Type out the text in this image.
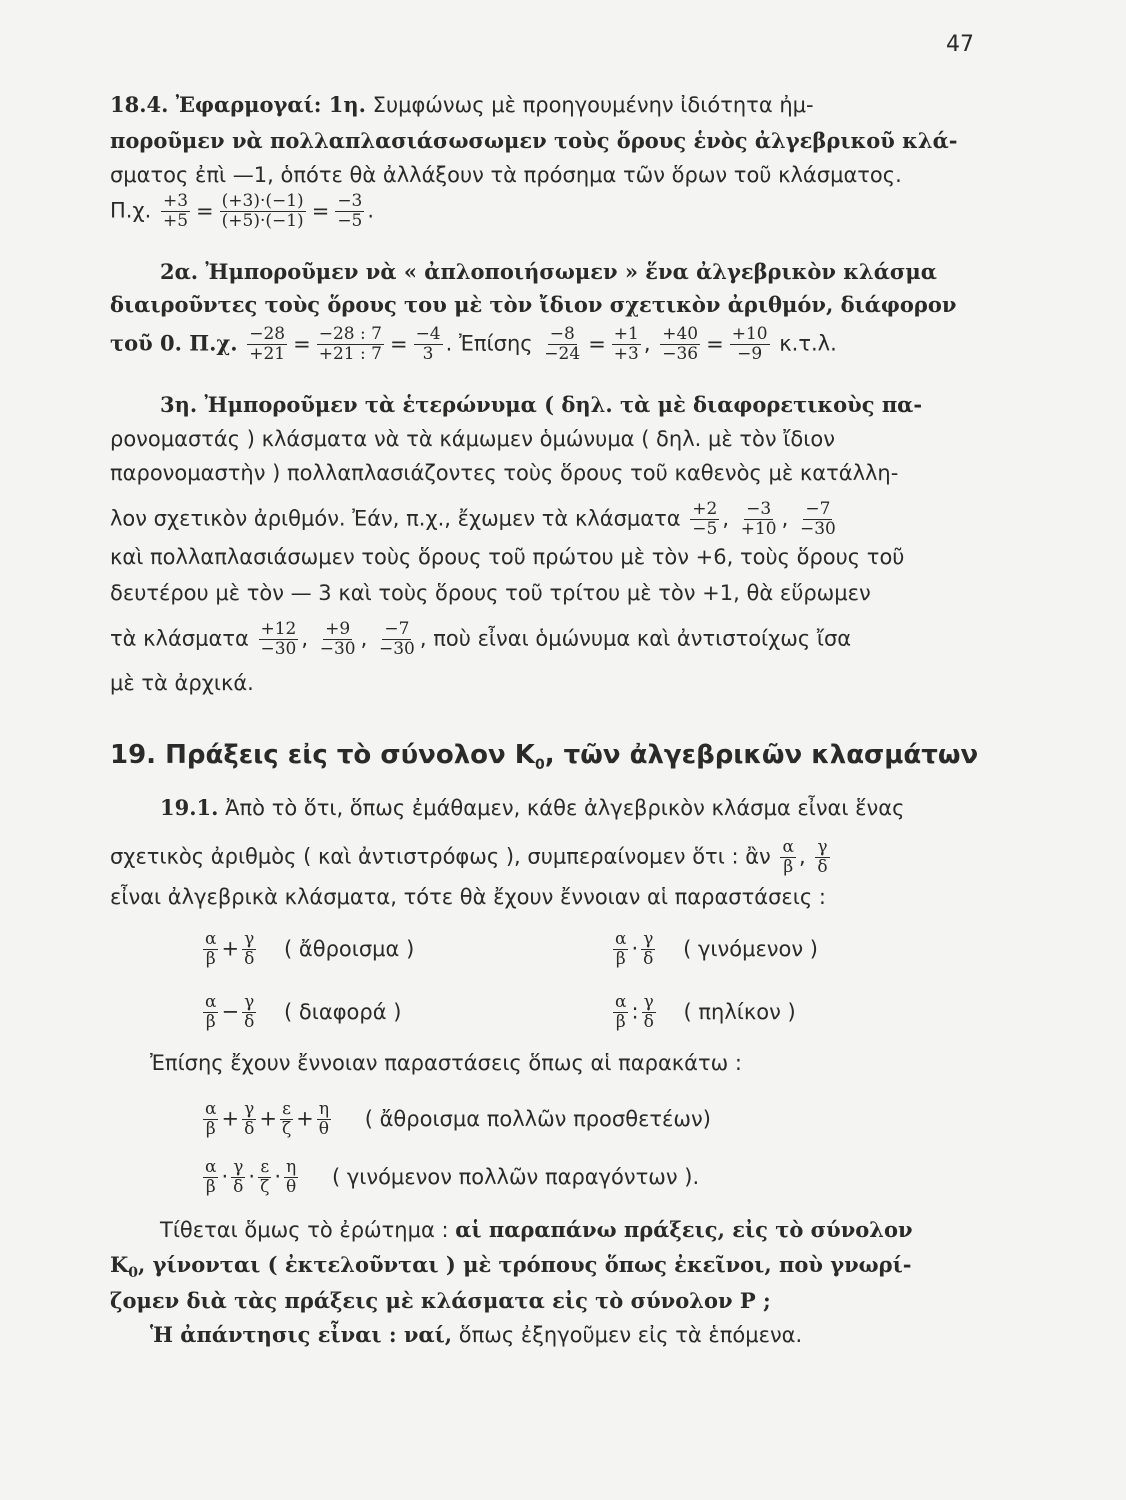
47
18.4. Ἐφαρμογαί: 1η. Συμφώνως μὲ προηγουμένην ἰδιότητα ἠμ-
ποροῦμεν νὰ πολλαπλασιάσωσωμεν τοὺς ὅρους ἑνὸς ἀλγεβρικοῦ κλά-
σματος ἐπὶ —1, ὁπότε θὰ ἀλλάξουν τὰ πρόσημα τῶν ὅρων τοῦ κλάσματος.
Π.χ. $\frac{+3}{+5} = \frac{(+3)\cdot(-1)}{(+5)\cdot(-1)} = \frac{-3}{-5}$ .
2α. Ἠμποροῦμεν νὰ « ἀπλοποιήσωμεν » ἕνα ἀλγεβρικὸν κλάσμα
διαιροῦντες τοὺς ὅρους του μὲ τὸν ἴδιον σχετικὸν ἀριθμόν, διάφορον
τοῦ 0. Π.χ. $\frac{-28}{+21} = \frac{-28 : 7}{+21 : 7} = \frac{-4}{3}$ . Ἐπίσης $\frac{-8}{-24} = \frac{+1}{+3}$ , $\frac{+40}{-36} = \frac{+10}{-9} \kappa.\tau.\lambda$.
3η. Ἠμποροῦμεν τὰ ἑτερώνυμα ( δηλ. τὰ μὲ διαφορετικοὺς πα-
ρονομαστάς ) κλάσματα νὰ τὰ κάμωμεν ὁμώνυμα ( δηλ. μὲ τὸν ἴδιον
παρονομαστὴν ) πολλαπλασιάζοντες τοὺς ὅρους τοῦ καθενὸς μὲ κατάλλη-
λον σχετικὸν ἀριθμόν. Ἐάν, π.χ., ἔχωμεν τὰ κλάσματα $\frac{+2}{-5}$ , $\frac{-3}{+10}$ , $\frac{-7}{-30}$
καὶ πολλαπλασιάσωμεν τοὺς ὅρους τοῦ πρώτου μὲ τὸν +6, τοὺς ὅρους τοῦ
δευτέρου μὲ τὸν — 3 καὶ τοὺς ὅρους τοῦ τρίτου μὲ τὸν +1, θὰ εὕρωμεν
τὰ κλάσματα $\frac{+12}{-30}$ , $\frac{+9}{-30}$ , $\frac{-7}{-30}$ , ποὺ εἶναι ὁμώνυμα καὶ ἀντιστοίχως ἴσα
μὲ τὰ ἀρχικά.
19. Πράξεις εἰς τὸ σύνολον $K_0$, τῶν ἀλγεβρικῶν κλασμάτων
19.1. Ἀπὸ τὸ ὅτι, ὅπως ἐμάθαμεν, κάθε ἀλγεβρικὸν κλάσμα εἶναι ἕνας
σχετικὸς ἀριθμὸς ( καὶ ἀντιστρόφως ), συμπεραίνομεν ὅτι : ἂν $\frac{\alpha}{\beta}$ , $\frac{\gamma}{\delta}$
εἶναι ἀλγεβρικὰ κλάσματα, τότε θὰ ἔχουν ἔννοιαν αἱ παραστάσεις :
$\frac{\alpha}{\beta} + \frac{\gamma}{\delta}$ ( ἄθροισμα )	$\frac{\alpha}{\beta} \cdot \frac{\gamma}{\delta}$ ( γινόμενον )
$\frac{\alpha}{\beta} - \frac{\gamma}{\delta}$ ( διαφορά )	$\frac{\alpha}{\beta}$ : $\frac{\gamma}{\delta}$ ( πηλίκον )
Ἐπίσης ἔχουν ἔννοιαν παραστάσεις ὅπως αἱ παρακάτω :
$\frac{\alpha}{\beta} + \frac{\gamma}{\delta} + \frac{\varepsilon}{\zeta} + \frac{\eta}{\theta}$ ( ἄθροισμα πολλῶν προσθετέων)
$\frac{\alpha}{\beta} \cdot \frac{\gamma}{\delta} \cdot \frac{\varepsilon}{\zeta} \cdot \frac{\eta}{\theta}$ ( γινόμενον πολλῶν παραγόντων ).
Τίθεται ὅμως τὸ ἐρώτημα : αἱ παραπάνω πράξεις, εἰς τὸ σύνολον
$K_0$, γίνονται ( ἐκτελοῦνται ) μὲ τρόπους ὅπως ἐκεῖνοι, ποὺ γνωρί-
ζομεν διὰ τὰς πράξεις μὲ κλάσματα εἰς τὸ σύνολον P ;
Ἡ ἀπάντησις εἶναι : ναί, ὅπως ἐξηγοῦμεν εἰς τὰ ἑπόμενα.
